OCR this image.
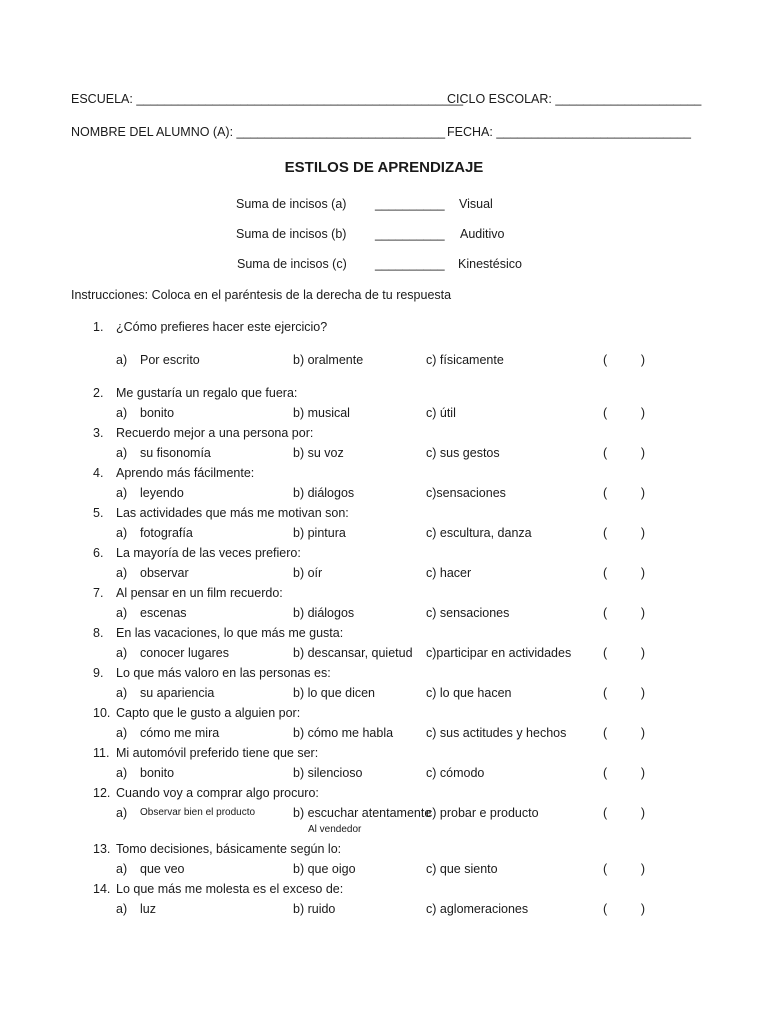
ESCUELA: _______________________________________________
CICLO ESCOLAR: _____________________
NOMBRE DEL ALUMNO (A): ______________________________ FECHA: ____________________________
ESTILOS DE APRENDIZAJE
Suma de incisos (a) __________ Visual
Suma de incisos (b) __________ Auditivo
Suma de incisos (c) __________ Kinestésico
Instrucciones: Coloca en el paréntesis de la derecha de tu respuesta
1. ¿Cómo prefieres hacer este ejercicio?
a) Por escrito	b) oralmente	c) físicamente	(	)
2. Me gustaría un regalo que fuera:
a) bonito	b) musical	c) útil	(	)
3. Recuerdo mejor a una persona por:
a) su fisonomía	b) su voz	c) sus gestos	(	)
4. Aprendo más fácilmente:
a) leyendo	b) diálogos	c)sensaciones	(	)
5. Las actividades que más me motivan son:
a) fotografía	b) pintura	c) escultura, danza	(	)
6. La mayoría de las veces prefiero:
a) observar	b) oír	c) hacer	(	)
7. Al pensar en un film recuerdo:
a) escenas	b) diálogos	c) sensaciones	(	)
8. En las vacaciones, lo que más me gusta:
a) conocer lugares	b) descansar, quietud c)participar en actividades	(	)
9. Lo que más valoro en las personas es:
a) su apariencia	b) lo que dicen	c) lo que hacen	(	)
10. Capto que le gusto a alguien por:
a) cómo me mira	b) cómo me habla	c) sus actitudes y hechos	(	)
11. Mi automóvil preferido tiene que ser:
a) bonito	b) silencioso	c) cómodo	(	)
12. Cuando voy a comprar algo procuro:
a) Observar bien el producto	b) escuchar atentamente
Al vendedor
c) probar e producto	(	)
13. Tomo decisiones, básicamente según lo:
a) que veo	b) que oigo	c) que siento	(	)
14. Lo que más me molesta es el exceso de:
a) luz	b) ruido	c) aglomeraciones	(	)
